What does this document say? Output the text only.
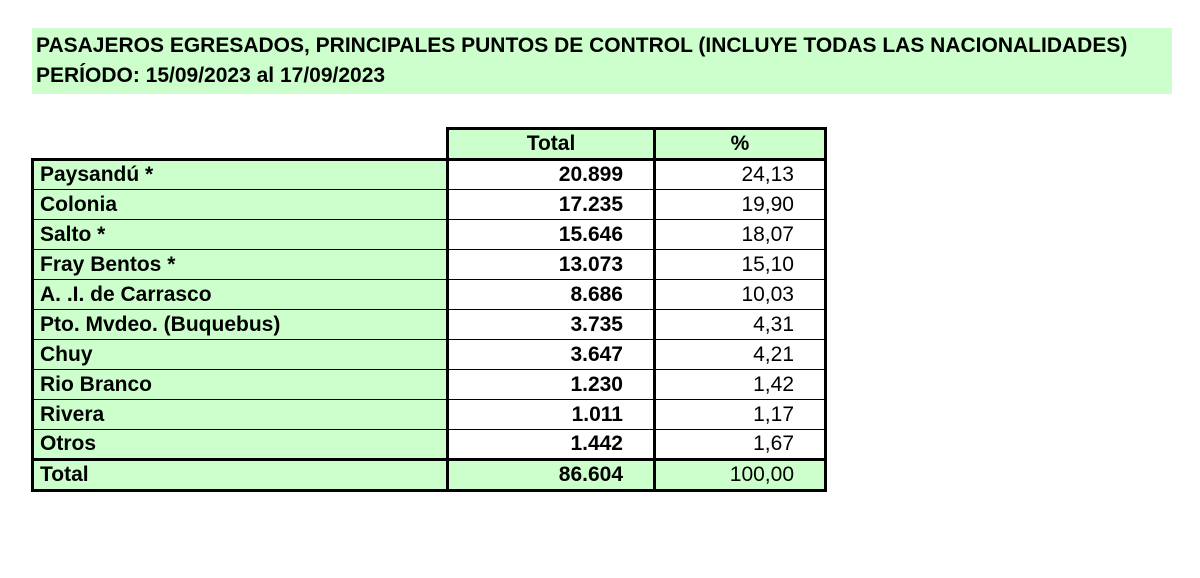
PASAJEROS EGRESADOS, PRINCIPALES PUNTOS DE CONTROL (INCLUYE TODAS LAS NACIONALIDADES)
PERÍODO: 15/09/2023 al 17/09/2023
	Total	%
Paysandú *	20.899	24,13
Colonia	17.235	19,90
Salto *	15.646	18,07
Fray Bentos *	13.073	15,10
A. .I. de Carrasco	8.686	10,03
Pto. Mvdeo. (Buquebus)	3.735	4,31
Chuy	3.647	4,21
Rio Branco	1.230	1,42
Rivera	1.011	1,17
Otros	1.442	1,67
Total	86.604	100,00
